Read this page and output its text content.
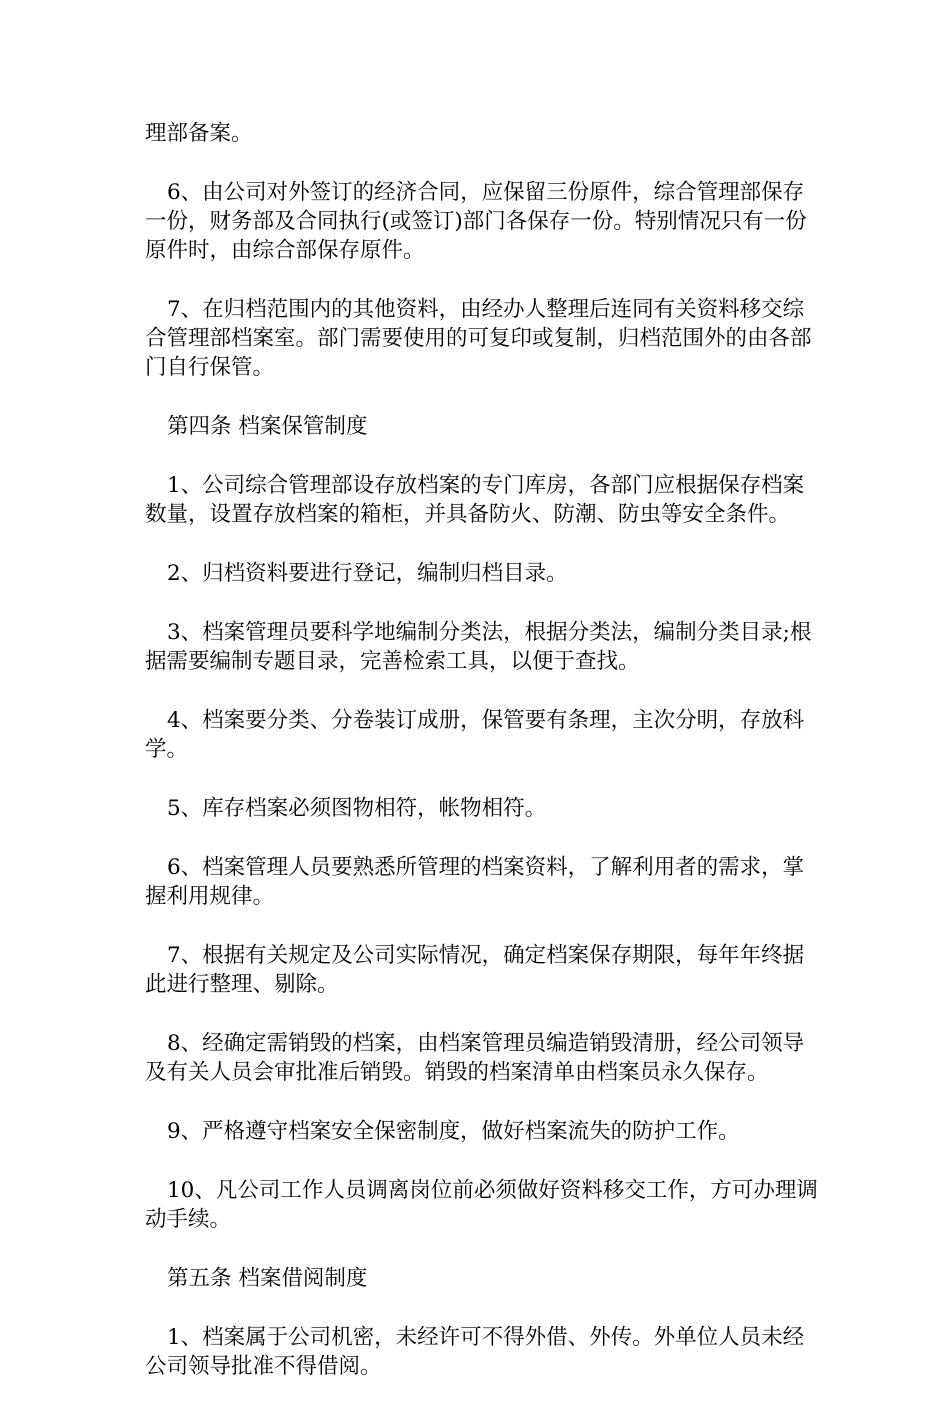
理部备案。

6、由公司对外签订的经济合同，应保留三份原件，综合管理部保存一份，财务部及合同执行(或签订)部门各保存一份。特别情况只有一份原件时，由综合部保存原件。

7、在归档范围内的其他资料，由经办人整理后连同有关资料移交综合管理部档案室。部门需要使用的可复印或复制，归档范围外的由各部门自行保管。

第四条 档案保管制度

1、公司综合管理部设存放档案的专门库房，各部门应根据保存档案数量，设置存放档案的箱柜，并具备防火、防潮、防虫等安全条件。

2、归档资料要进行登记，编制归档目录。

3、档案管理员要科学地编制分类法，根据分类法，编制分类目录;根据需要编制专题目录，完善检索工具，以便于查找。

4、档案要分类、分卷装订成册，保管要有条理，主次分明，存放科学。

5、库存档案必须图物相符，帐物相符。

6、档案管理人员要熟悉所管理的档案资料，了解利用者的需求，掌握利用规律。

7、根据有关规定及公司实际情况，确定档案保存期限，每年年终据此进行整理、剔除。

8、经确定需销毁的档案，由档案管理员编造销毁清册，经公司领导及有关人员会审批准后销毁。销毁的档案清单由档案员永久保存。

9、严格遵守档案安全保密制度，做好档案流失的防护工作。

10、凡公司工作人员调离岗位前必须做好资料移交工作，方可办理调动手续。

第五条 档案借阅制度

1、档案属于公司机密，未经许可不得外借、外传。外单位人员未经公司领导批准不得借阅。
